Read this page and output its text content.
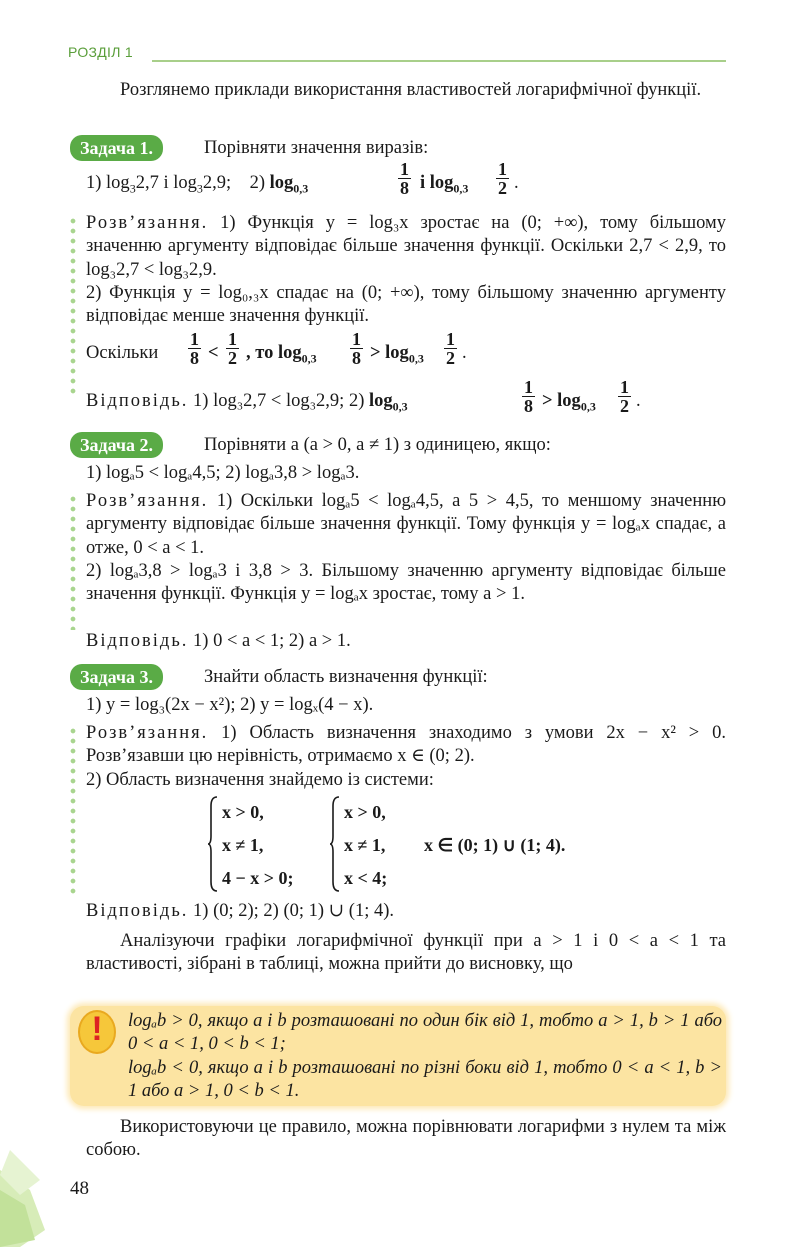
РОЗДІЛ 1
Розглянемо приклади використання властивостей логарифмічної функції.
Задача 1.	Порівняти значення виразів:
1) $\log_32,7$ і $\log_32,9$;    2) $\log_{0,3}$	$\frac{1}{8}$ і $\log_{0,3} \frac{1}{2}$ .
Розв’язання. 1) Функція y = log₃x зростає на (0; +∞), тому більшому значенню аргументу відповідає більше значення функції. Оскільки 2,7 < 2,9, то log₃2,7 < log₃2,9.
2) Функція y = log₀,₃x спадає на (0; +∞), тому більшому значенню аргументу відповідає менше значення функції.
Оскільки $\frac{1}{8} < \frac{1}{2}$ , то $\log_{0,3} \frac{1}{8} > \log_{0,3} \frac{1}{2}$ .
Відповідь. 1) log₃2,7 < log₃2,9; 2) $\log_{0,3}$	$\frac{1}{8} > \log_{0,3} \frac{1}{2}$ .
Задача 2.	Порівняти a (a > 0, a ≠ 1) з одиницею, якщо:
1) logₐ5 < logₐ4,5; 2) logₐ3,8 > logₐ3.
Розв’язання. 1) Оскільки logₐ5 < logₐ4,5, а 5 > 4,5, то меншому значенню аргументу відповідає більше значення функції. Тому функція y = logₐx спадає, а отже, 0 < a < 1.
2) logₐ3,8 > logₐ3 і 3,8 > 3. Більшому значенню аргументу відповідає більше значення функції. Функція y = logₐx зростає, тому a > 1.
Відповідь. 1) 0 < a < 1; 2) a > 1.
Задача 3.	Знайти область визначення функції:
1) y = log₃(2x − x²); 2) y = logₓ(4 − x).
Розв’язання. 1) Область визначення знаходимо з умови 2x − x² > 0. Розв’язавши цю нерівність, отримаємо x ∈ (0; 2).
2) Область визначення знайдемо із системи:
x > 0,
x ≠ 1,
4 − x > 0;
x > 0,
x ≠ 1,
x < 4;
x ∈ (0; 1) ∪ (1; 4).
Відповідь. 1) (0; 2); 2) (0; 1) ∪ (1; 4).
Аналізуючи графіки логарифмічної функції при a > 1 і 0 < a < 1 та властивості, зібрані в таблиці, можна прийти до висновку, що
!	logₐb > 0, якщо a і b розташовані по один бік від 1, тобто a > 1, b > 1 або 0 < a < 1, 0 < b < 1;
logₐb < 0, якщо a і b розташовані по різні боки від 1, тобто 0 < a < 1, b > 1 або a > 1, 0 < b < 1.
Використовуючи це правило, можна порівнювати логарифми з нулем та між собою.
48
